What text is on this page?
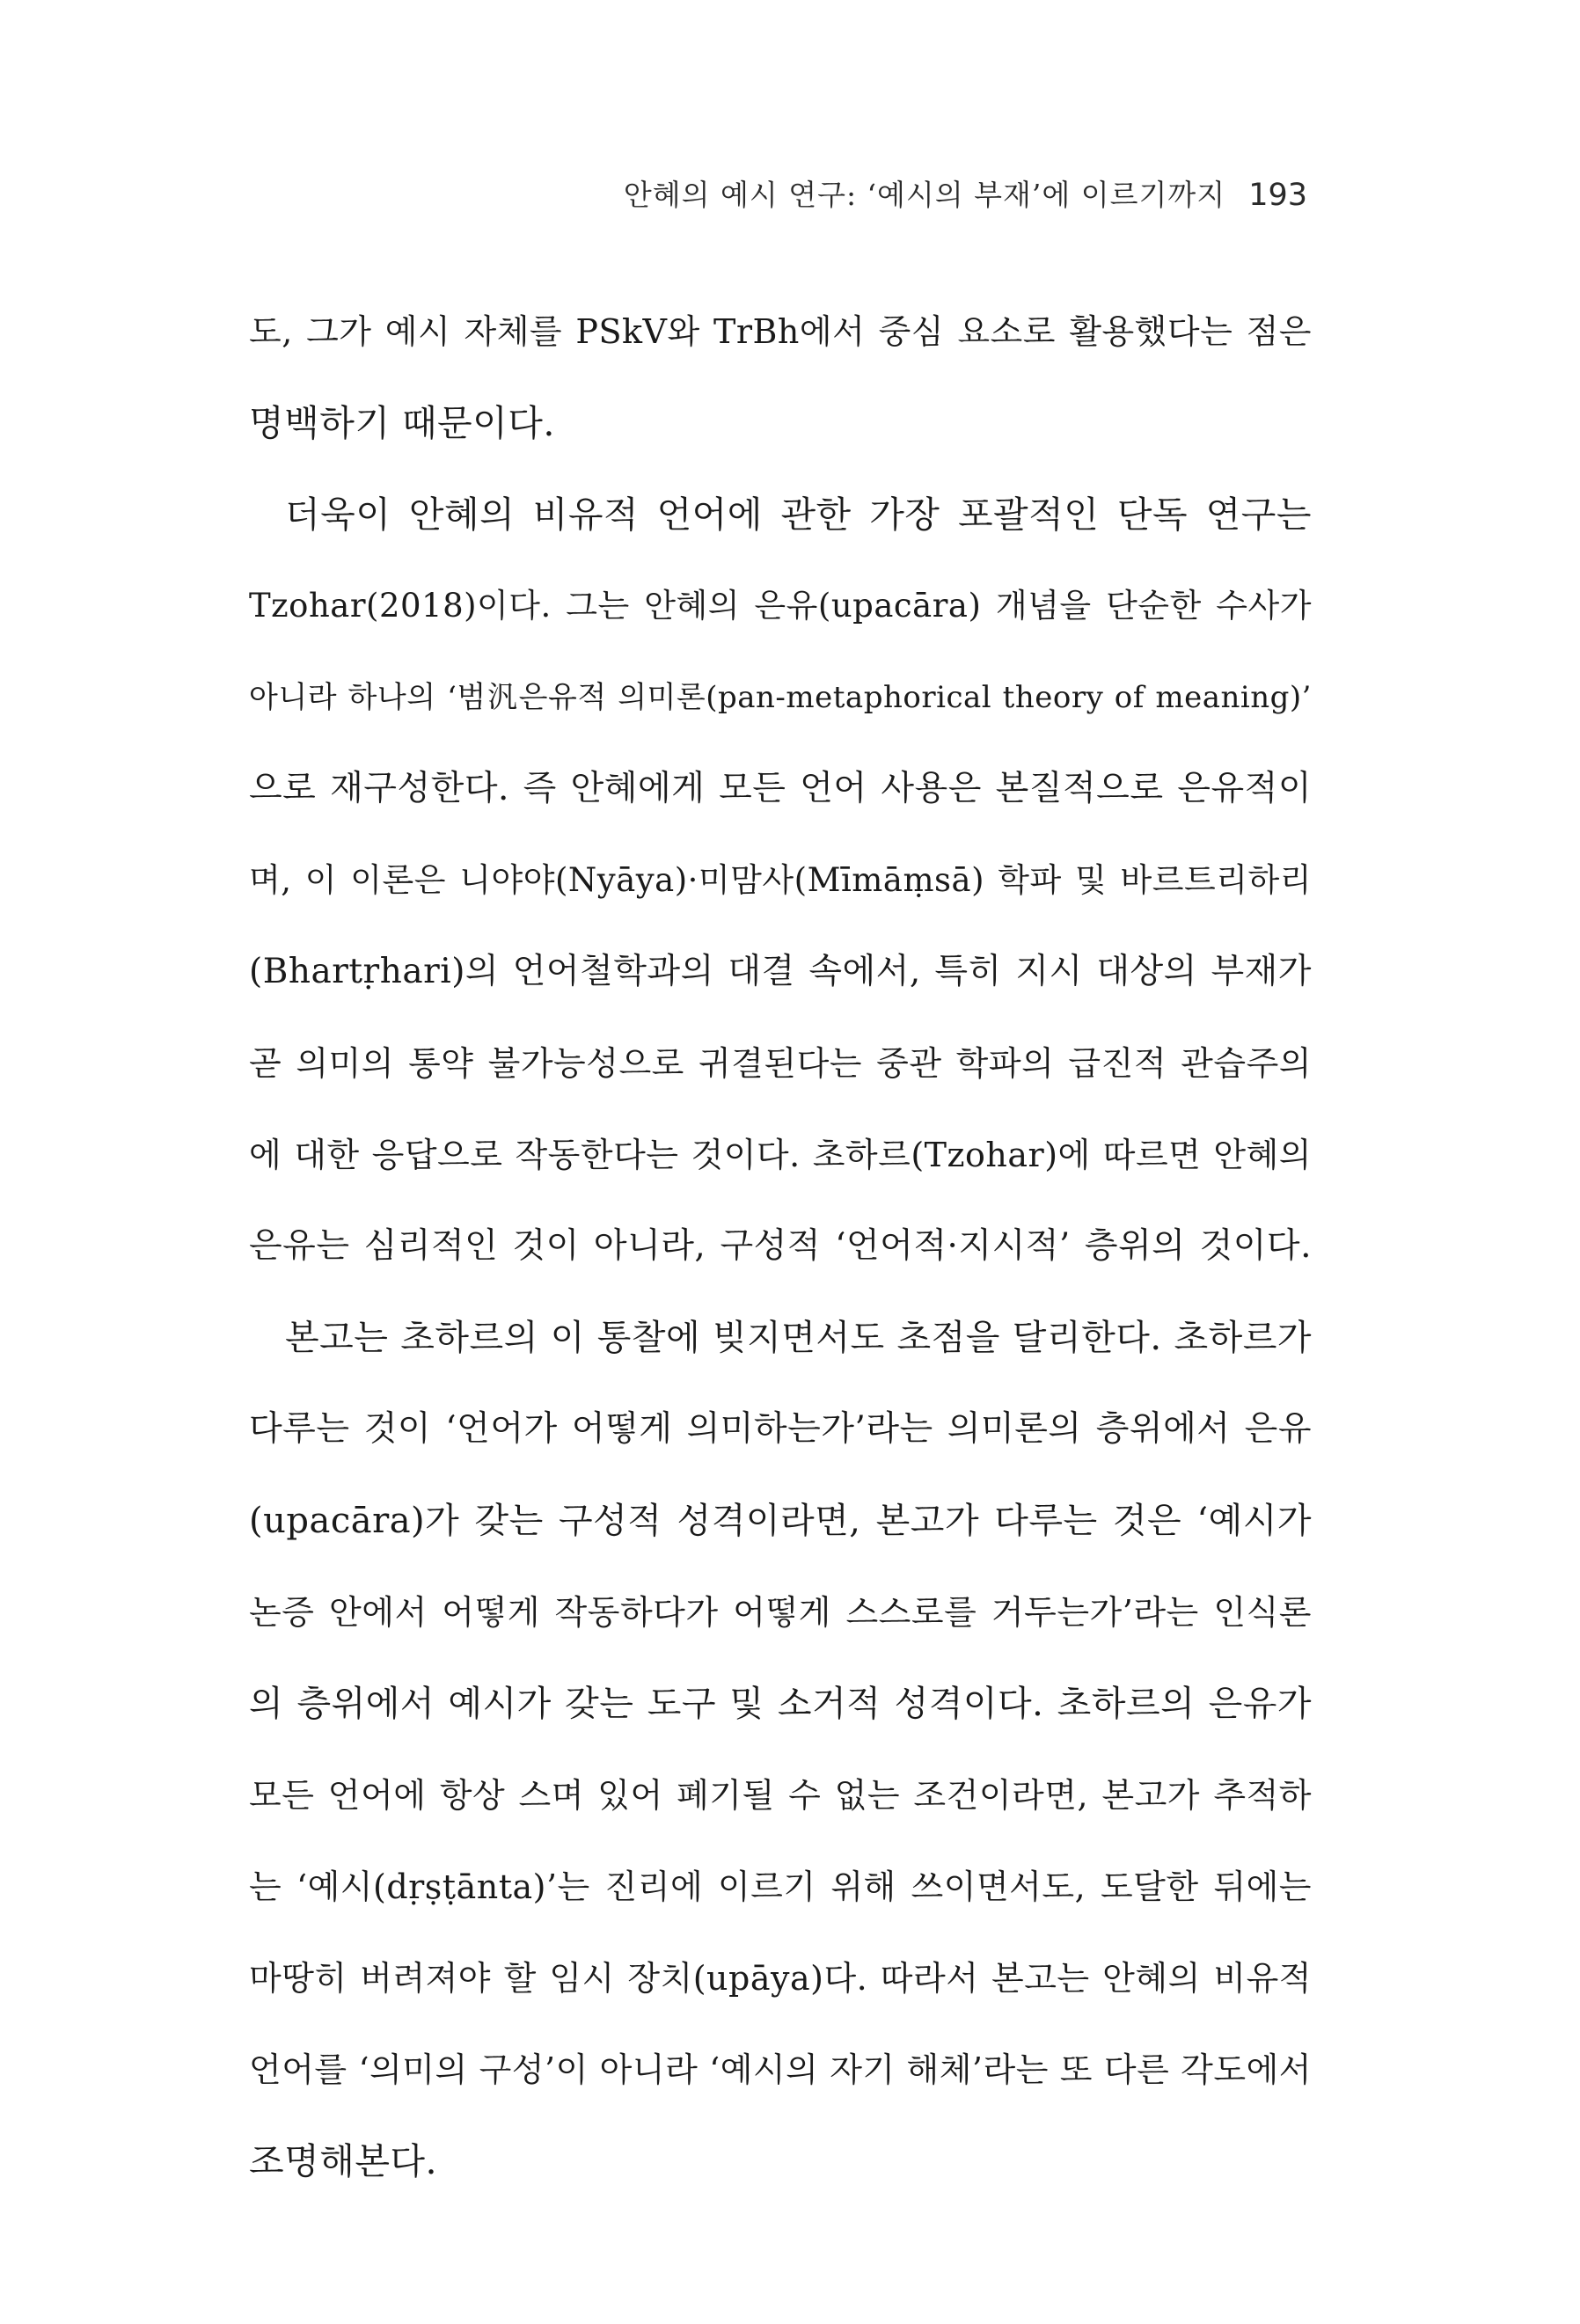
안혜의 예시 연구: ‘예시의 부재’에 이르기까지 193
도, 그가 예시 자체를 PSkV와 TrBh에서 중심 요소로 활용했다는 점은
명백하기 때문이다.
더욱이 안혜의 비유적 언어에 관한 가장 포괄적인 단독 연구는
Tzohar(2018)이다. 그는 안혜의 은유(upacāra) 개념을 단순한 수사가
아니라 하나의 ‘범汎은유적 의미론(pan-metaphorical theory of meaning)’
으로 재구성한다. 즉 안혜에게 모든 언어 사용은 본질적으로 은유적이
며, 이 이론은 니야야(Nyāya)·미맘사(Mīmāṃsā) 학파 및 바르트리하리
(Bhartṛhari)의 언어철학과의 대결 속에서, 특히 지시 대상의 부재가
곧 의미의 통약 불가능성으로 귀결된다는 중관 학파의 급진적 관습주의
에 대한 응답으로 작동한다는 것이다. 초하르(Tzohar)에 따르면 안혜의
은유는 심리적인 것이 아니라, 구성적 ‘언어적·지시적’ 층위의 것이다.
본고는 초하르의 이 통찰에 빚지면서도 초점을 달리한다. 초하르가
다루는 것이 ‘언어가 어떻게 의미하는가’라는 의미론의 층위에서 은유
(upacāra)가 갖는 구성적 성격이라면, 본고가 다루는 것은 ‘예시가
논증 안에서 어떻게 작동하다가 어떻게 스스로를 거두는가’라는 인식론
의 층위에서 예시가 갖는 도구 및 소거적 성격이다. 초하르의 은유가
모든 언어에 항상 스며 있어 폐기될 수 없는 조건이라면, 본고가 추적하
는 ‘예시(dṛṣṭānta)’는 진리에 이르기 위해 쓰이면서도, 도달한 뒤에는
마땅히 버려져야 할 임시 장치(upāya)다. 따라서 본고는 안혜의 비유적
언어를 ‘의미의 구성’이 아니라 ‘예시의 자기 해체’라는 또 다른 각도에서
조명해본다.
